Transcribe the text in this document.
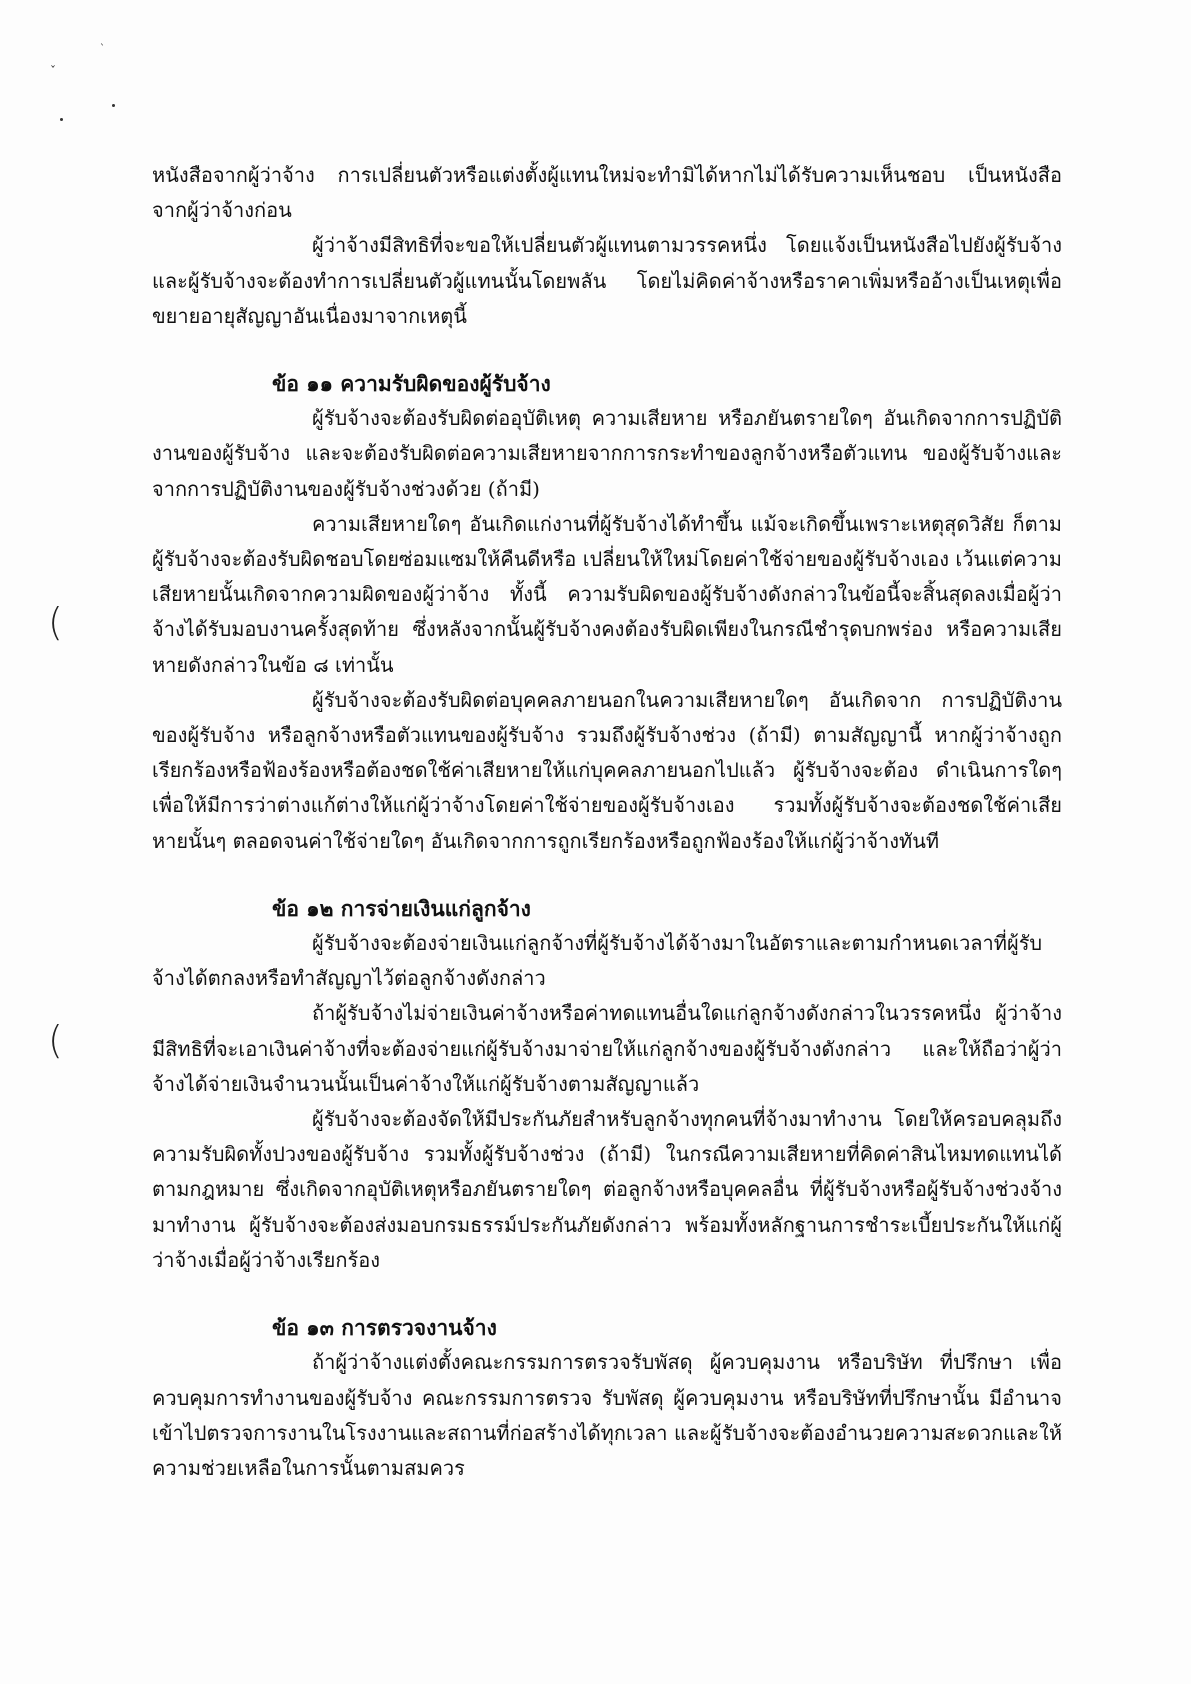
ˋ
ˇ
(
(

หนังสือจากผู้ว่าจ้าง การเปลี่ยนตัวหรือแต่งตั้งผู้แทนใหม่จะทำมิได้หากไม่ได้รับความเห็นชอบ เป็นหนังสือจากผู้ว่าจ้างก่อน

ผู้ว่าจ้างมีสิทธิที่จะขอให้เปลี่ยนตัวผู้แทนตามวรรคหนึ่ง โดยแจ้งเป็นหนังสือไปยังผู้รับจ้าง และผู้รับจ้างจะต้องทำการเปลี่ยนตัวผู้แทนนั้นโดยพลัน โดยไม่คิดค่าจ้างหรือราคาเพิ่มหรืออ้างเป็นเหตุเพื่อขยายอายุสัญญาอันเนื่องมาจากเหตุนี้

ข้อ ๑๑ ความรับผิดของผู้รับจ้าง

ผู้รับจ้างจะต้องรับผิดต่ออุบัติเหตุ ความเสียหาย หรือภยันตรายใดๆ อันเกิดจากการปฏิบัติงานของผู้รับจ้าง และจะต้องรับผิดต่อความเสียหายจากการกระทำของลูกจ้างหรือตัวแทน ของผู้รับจ้างและจากการปฏิบัติงานของผู้รับจ้างช่วงด้วย (ถ้ามี)

ความเสียหายใดๆ อันเกิดแก่งานที่ผู้รับจ้างได้ทำขึ้น แม้จะเกิดขึ้นเพราะเหตุสุดวิสัย ก็ตาม ผู้รับจ้างจะต้องรับผิดชอบโดยซ่อมแซมให้คืนดีหรือ เปลี่ยนให้ใหม่โดยค่าใช้จ่ายของผู้รับจ้างเอง เว้นแต่ความเสียหายนั้นเกิดจากความผิดของผู้ว่าจ้าง ทั้งนี้ ความรับผิดของผู้รับจ้างดังกล่าวในข้อนี้จะสิ้นสุดลงเมื่อผู้ว่าจ้างได้รับมอบงานครั้งสุดท้าย ซึ่งหลังจากนั้นผู้รับจ้างคงต้องรับผิดเพียงในกรณีชำรุดบกพร่อง หรือความเสียหายดังกล่าวในข้อ ๘ เท่านั้น

ผู้รับจ้างจะต้องรับผิดต่อบุคคลภายนอกในความเสียหายใดๆ อันเกิดจาก การปฏิบัติงานของผู้รับจ้าง หรือลูกจ้างหรือตัวแทนของผู้รับจ้าง รวมถึงผู้รับจ้างช่วง (ถ้ามี) ตามสัญญานี้ หากผู้ว่าจ้างถูกเรียกร้องหรือฟ้องร้องหรือต้องชดใช้ค่าเสียหายให้แก่บุคคลภายนอกไปแล้ว ผู้รับจ้างจะต้อง ดำเนินการใดๆ เพื่อให้มีการว่าต่างแก้ต่างให้แก่ผู้ว่าจ้างโดยค่าใช้จ่ายของผู้รับจ้างเอง รวมทั้งผู้รับจ้างจะต้องชดใช้ค่าเสียหายนั้นๆ ตลอดจนค่าใช้จ่ายใดๆ อันเกิดจากการถูกเรียกร้องหรือถูกฟ้องร้องให้แก่ผู้ว่าจ้างทันที

ข้อ ๑๒ การจ่ายเงินแก่ลูกจ้าง

ผู้รับจ้างจะต้องจ่ายเงินแก่ลูกจ้างที่ผู้รับจ้างได้จ้างมาในอัตราและตามกำหนดเวลาที่ผู้รับจ้างได้ตกลงหรือทำสัญญาไว้ต่อลูกจ้างดังกล่าว

ถ้าผู้รับจ้างไม่จ่ายเงินค่าจ้างหรือค่าทดแทนอื่นใดแก่ลูกจ้างดังกล่าวในวรรคหนึ่ง ผู้ว่าจ้างมีสิทธิที่จะเอาเงินค่าจ้างที่จะต้องจ่ายแก่ผู้รับจ้างมาจ่ายให้แก่ลูกจ้างของผู้รับจ้างดังกล่าว และให้ถือว่าผู้ว่าจ้างได้จ่ายเงินจำนวนนั้นเป็นค่าจ้างให้แก่ผู้รับจ้างตามสัญญาแล้ว

ผู้รับจ้างจะต้องจัดให้มีประกันภัยสำหรับลูกจ้างทุกคนที่จ้างมาทำงาน โดยให้ครอบคลุมถึงความรับผิดทั้งปวงของผู้รับจ้าง รวมทั้งผู้รับจ้างช่วง (ถ้ามี) ในกรณีความเสียหายที่คิดค่าสินไหมทดแทนได้ตามกฎหมาย ซึ่งเกิดจากอุบัติเหตุหรือภยันตรายใดๆ ต่อลูกจ้างหรือบุคคลอื่น ที่ผู้รับจ้างหรือผู้รับจ้างช่วงจ้างมาทำงาน ผู้รับจ้างจะต้องส่งมอบกรมธรรม์ประกันภัยดังกล่าว พร้อมทั้งหลักฐานการชำระเบี้ยประกันให้แก่ผู้ว่าจ้างเมื่อผู้ว่าจ้างเรียกร้อง

ข้อ ๑๓ การตรวจงานจ้าง

ถ้าผู้ว่าจ้างแต่งตั้งคณะกรรมการตรวจรับพัสดุ ผู้ควบคุมงาน หรือบริษัท ที่ปรึกษา เพื่อควบคุมการทำงานของผู้รับจ้าง คณะกรรมการตรวจ รับพัสดุ ผู้ควบคุมงาน หรือบริษัทที่ปรึกษานั้น มีอำนาจเข้าไปตรวจการงานในโรงงานและสถานที่ก่อสร้างได้ทุกเวลา และผู้รับจ้างจะต้องอำนวยความสะดวกและให้ความช่วยเหลือในการนั้นตามสมควร
